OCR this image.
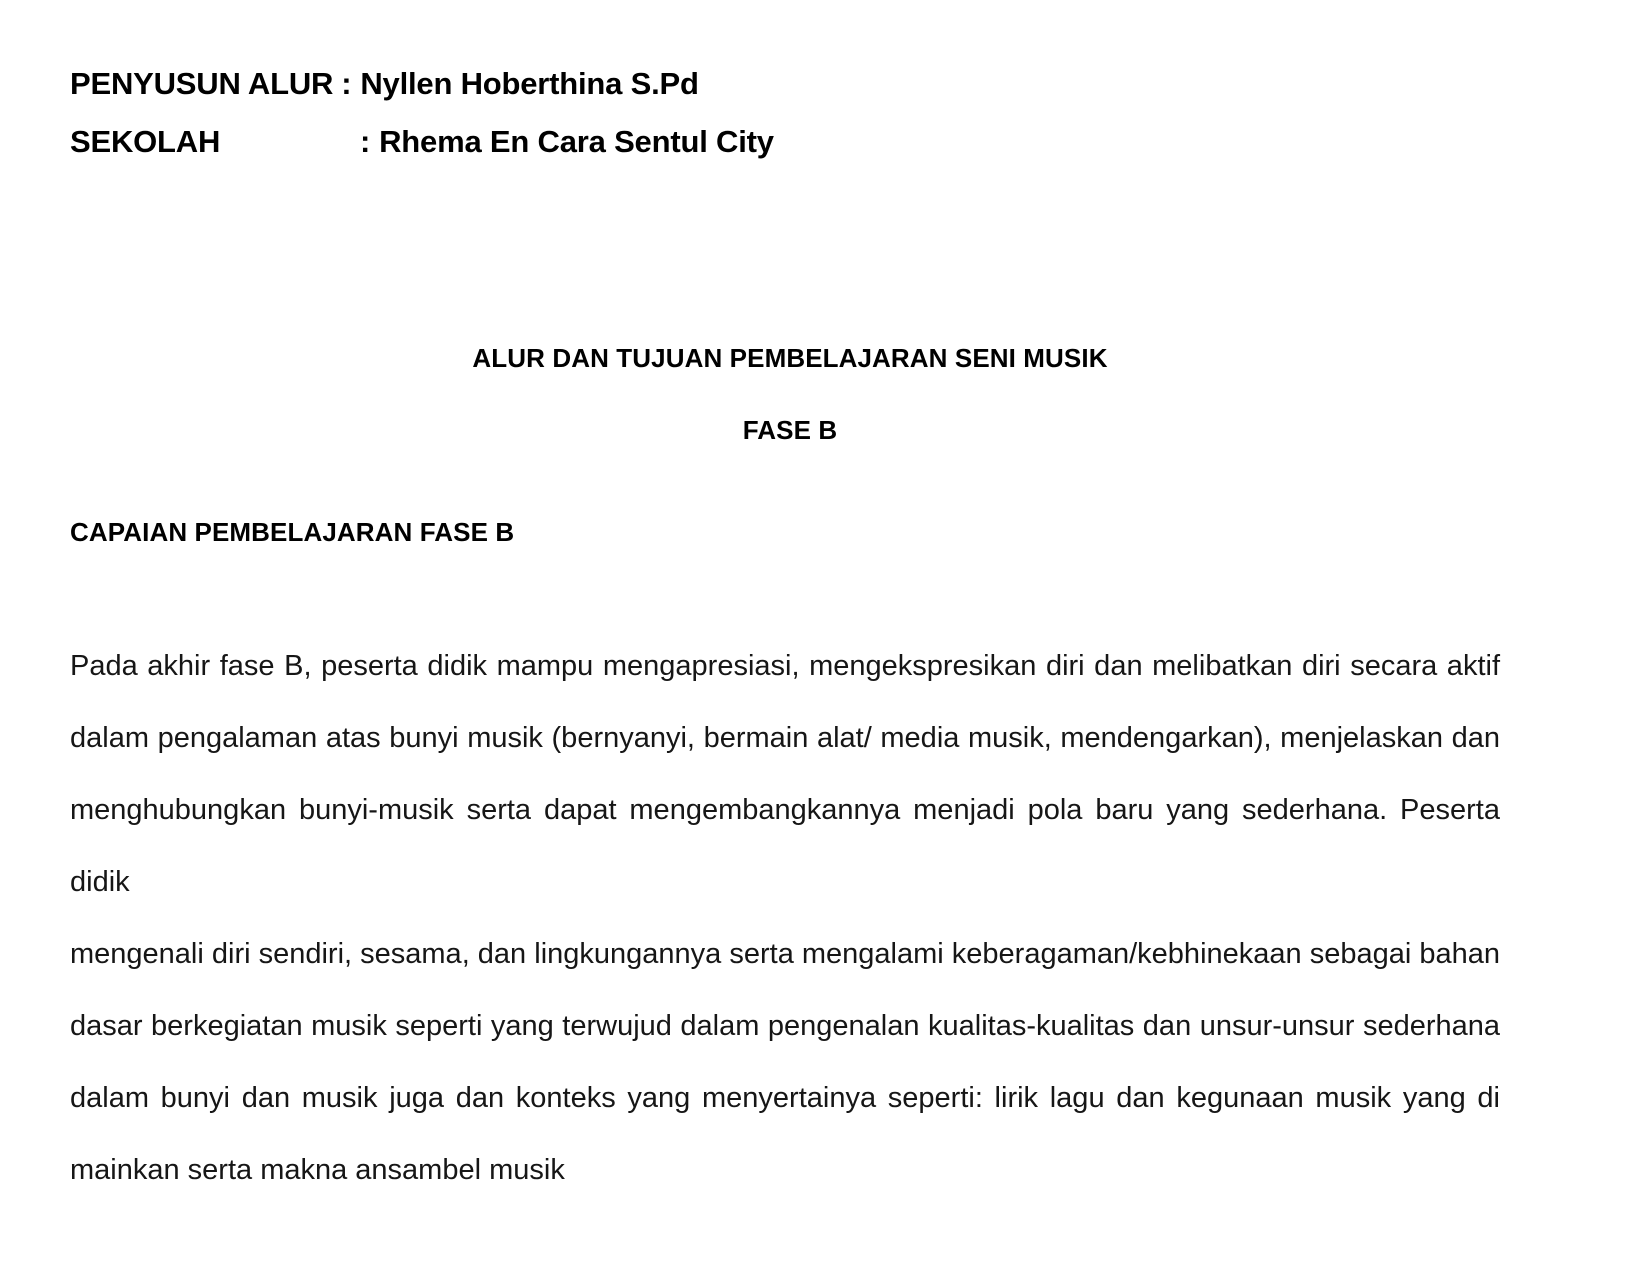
PENYUSUN ALUR : Nyllen Hoberthina S.Pd
SEKOLAH	: Rhema En Cara Sentul City
ALUR DAN TUJUAN PEMBELAJARAN SENI MUSIK
FASE B
CAPAIAN PEMBELAJARAN FASE B
Pada akhir fase B, peserta didik mampu mengapresiasi, mengekspresikan diri dan melibatkan diri secara aktif
dalam pengalaman atas bunyi musik (bernyanyi, bermain alat/ media musik, mendengarkan), menjelaskan dan
menghubungkan bunyi-musik serta dapat mengembangkannya menjadi pola baru yang sederhana. Peserta didik
mengenali diri sendiri, sesama, dan lingkungannya serta mengalami keberagaman/kebhinekaan sebagai bahan
dasar berkegiatan musik seperti yang terwujud dalam pengenalan kualitas-kualitas dan unsur-unsur sederhana
dalam bunyi dan musik juga dan konteks yang menyertainya seperti: lirik lagu dan kegunaan musik yang di
mainkan serta makna ansambel musik
